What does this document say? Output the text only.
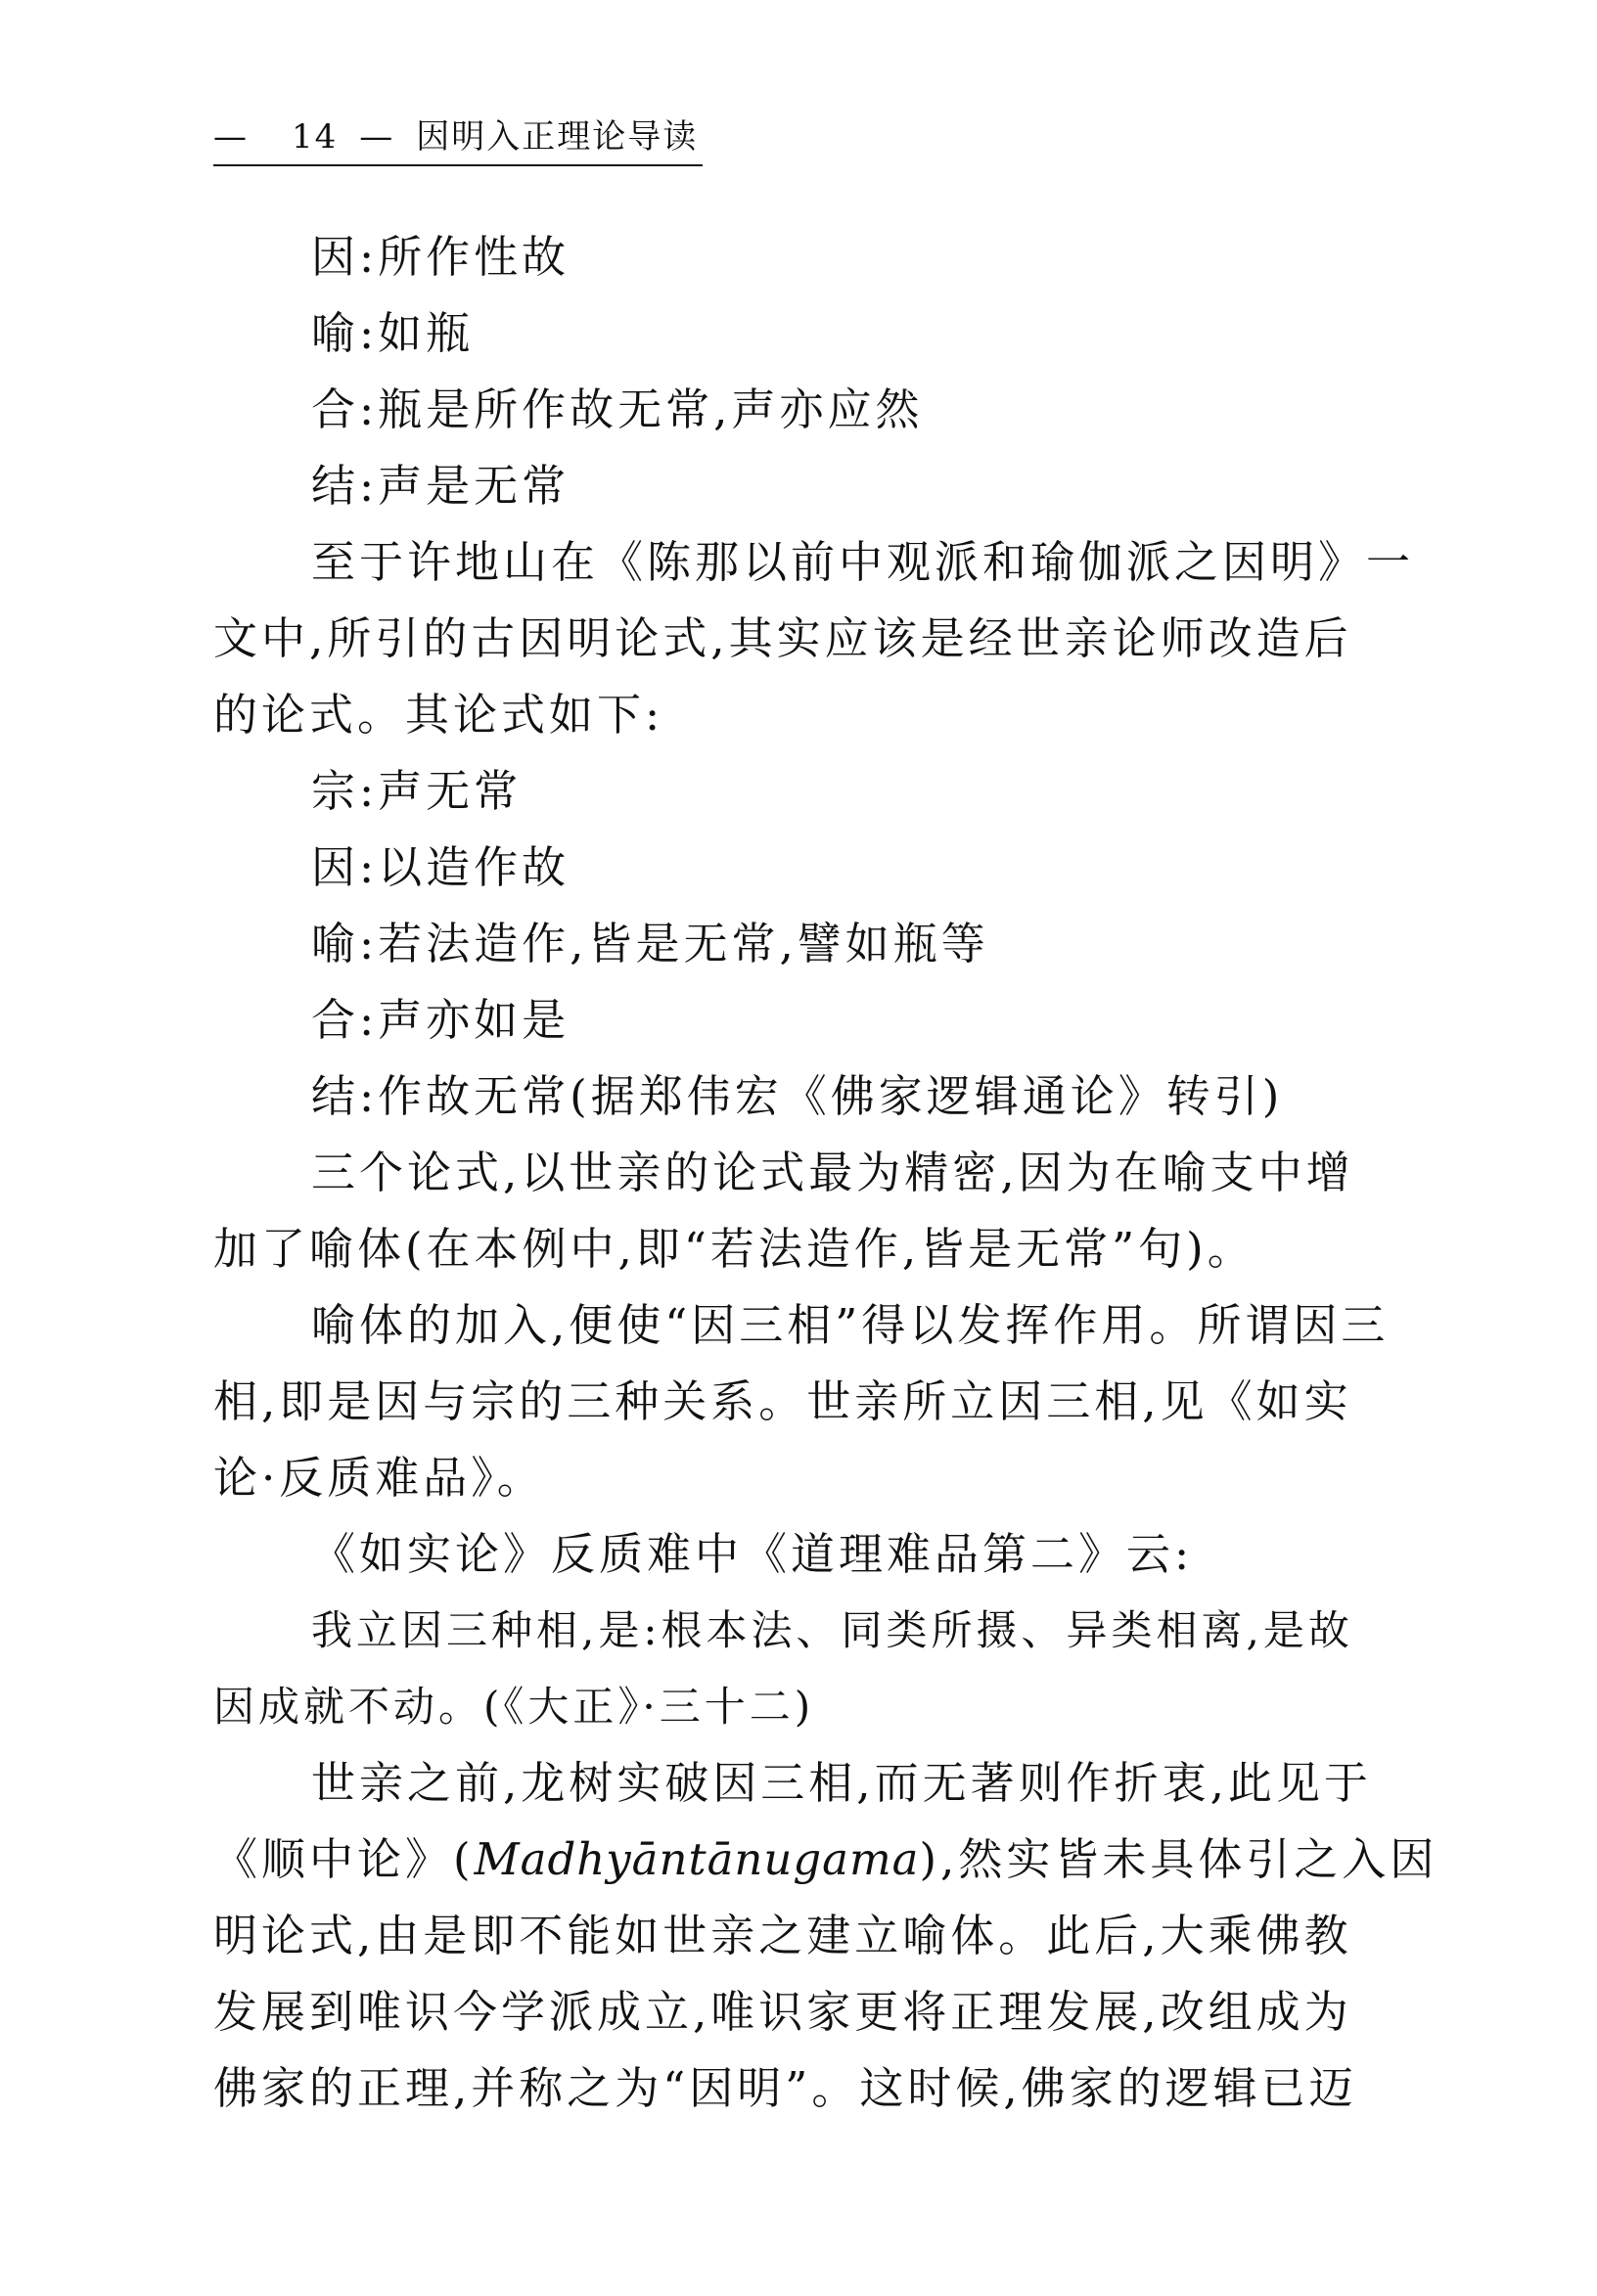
— 14 — 因明入正理论导读
因:所作性故
喻:如瓶
合:瓶是所作故无常,声亦应然
结:声是无常
至于许地山在《陈那以前中观派和瑜伽派之因明》一
文中,所引的古因明论式,其实应该是经世亲论师改造后
的论式。其论式如下:
宗:声无常
因:以造作故
喻:若法造作,皆是无常,譬如瓶等
合:声亦如是
结:作故无常(据郑伟宏《佛家逻辑通论》转引)
三个论式,以世亲的论式最为精密,因为在喻支中增
加了喻体(在本例中,即“若法造作,皆是无常”句)。
喻体的加入,便使“因三相”得以发挥作用。所谓因三
相,即是因与宗的三种关系。世亲所立因三相,见《如实
论·反质难品》。
《如实论》反质难中《道理难品第二》云:
我立因三种相,是:根本法、同类所摄、异类相离,是故
因成就不动。(《大正》·三十二)
世亲之前,龙树实破因三相,而无著则作折衷,此见于
《顺中论》(Madhyāntānugama),然实皆未具体引之入因
明论式,由是即不能如世亲之建立喻体。此后,大乘佛教
发展到唯识今学派成立,唯识家更将正理发展,改组成为
佛家的正理,并称之为“因明”。这时候,佛家的逻辑已迈
